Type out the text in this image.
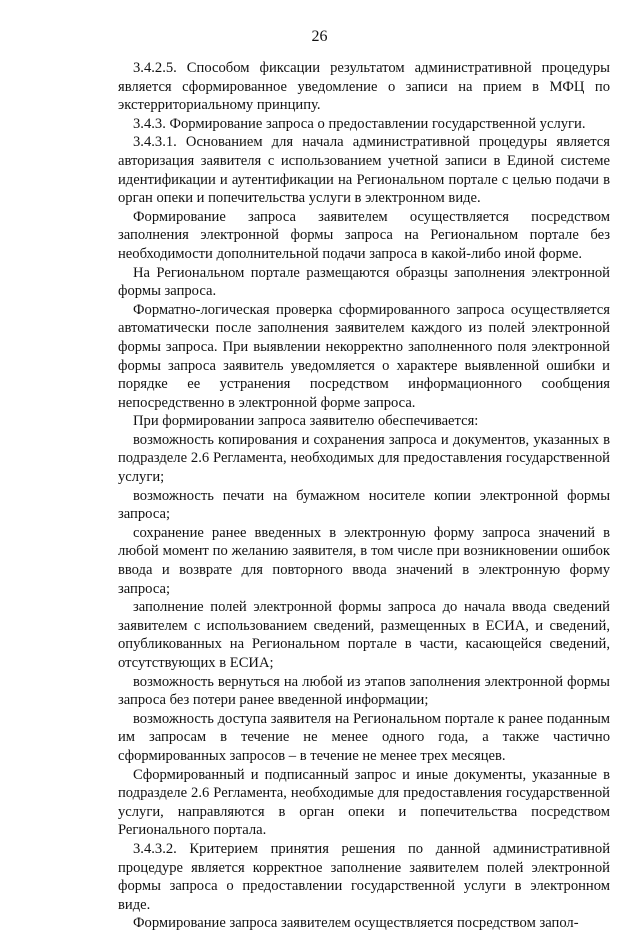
26

3.4.2.5. Способом фиксации результатом административной процедуры является сформированное уведомление о записи на прием в МФЦ по экстерриториальному принципу.

3.4.3. Формирование запроса о предоставлении государственной услуги.

3.4.3.1. Основанием для начала административной процедуры является авторизация заявителя с использованием учетной записи в Единой системе идентификации и аутентификации на Региональном портале с целью подачи в орган опеки и попечительства услуги в электронном виде.

Формирование запроса заявителем осуществляется посредством заполнения электронной формы запроса на Региональном портале без необходимости дополнительной подачи запроса в какой-либо иной форме.

На Региональном портале размещаются образцы заполнения электронной формы запроса.

Форматно-логическая проверка сформированного запроса осуществляется автоматически после заполнения заявителем каждого из полей электронной формы запроса. При выявлении некорректно заполненного поля электронной формы запроса заявитель уведомляется о характере выявленной ошибки и порядке ее устранения посредством информационного сообщения непосредственно в электронной форме запроса.

При формировании запроса заявителю обеспечивается:

возможность копирования и сохранения запроса и документов, указанных в подразделе 2.6 Регламента, необходимых для предоставления государственной услуги;

возможность печати на бумажном носителе копии электронной формы запроса;

сохранение ранее введенных в электронную форму запроса значений в любой момент по желанию заявителя, в том числе при возникновении ошибок ввода и возврате для повторного ввода значений в электронную форму запроса;

заполнение полей электронной формы запроса до начала ввода сведений заявителем с использованием сведений, размещенных в ЕСИА, и сведений, опубликованных на Региональном портале в части, касающейся сведений, отсутствующих в ЕСИА;

возможность вернуться на любой из этапов заполнения электронной формы запроса без потери ранее введенной информации;

возможность доступа заявителя на Региональном портале к ранее поданным им запросам в течение не менее одного года, а также частично сформированных запросов – в течение не менее трех месяцев.

Сформированный и подписанный запрос и иные документы, указанные в подразделе 2.6 Регламента, необходимые для предоставления государственной услуги, направляются в орган опеки и попечительства посредством Регионального портала.

3.4.3.2. Критерием принятия решения по данной административной процедуре является корректное заполнение заявителем полей электронной формы запроса о предоставлении государственной услуги в электронном виде.

Формирование запроса заявителем осуществляется посредством запол-
